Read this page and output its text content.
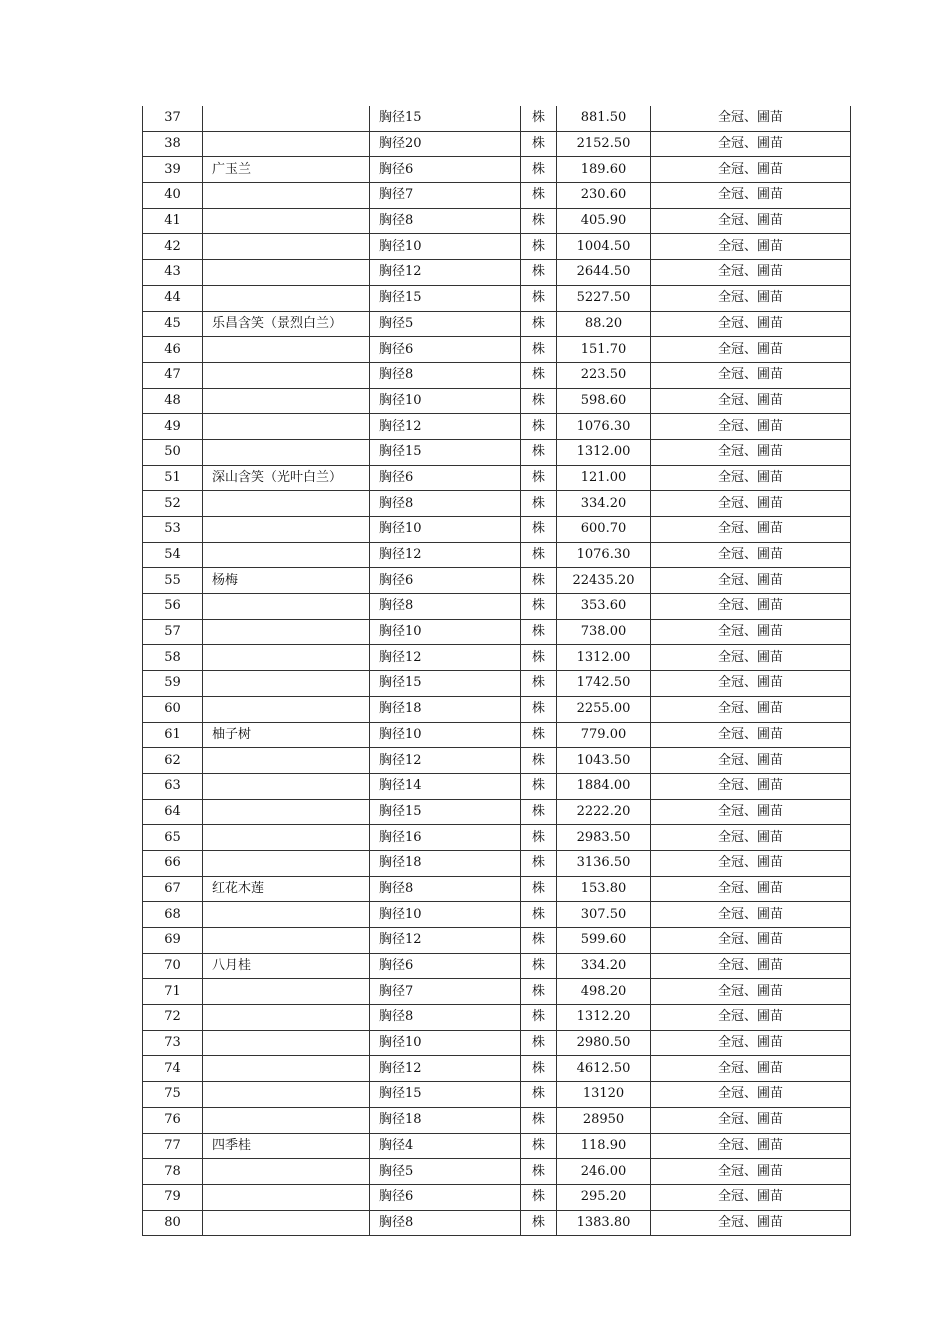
37		胸径15	株	881.50	全冠、圃苗
38		胸径20	株	2152.50	全冠、圃苗
39	广玉兰	胸径6	株	189.60	全冠、圃苗
40		胸径7	株	230.60	全冠、圃苗
41		胸径8	株	405.90	全冠、圃苗
42		胸径10	株	1004.50	全冠、圃苗
43		胸径12	株	2644.50	全冠、圃苗
44		胸径15	株	5227.50	全冠、圃苗
45	乐昌含笑（景烈白兰）	胸径5	株	88.20	全冠、圃苗
46		胸径6	株	151.70	全冠、圃苗
47		胸径8	株	223.50	全冠、圃苗
48		胸径10	株	598.60	全冠、圃苗
49		胸径12	株	1076.30	全冠、圃苗
50		胸径15	株	1312.00	全冠、圃苗
51	深山含笑（光叶白兰）	胸径6	株	121.00	全冠、圃苗
52		胸径8	株	334.20	全冠、圃苗
53		胸径10	株	600.70	全冠、圃苗
54		胸径12	株	1076.30	全冠、圃苗
55	杨梅	胸径6	株	22435.20	全冠、圃苗
56		胸径8	株	353.60	全冠、圃苗
57		胸径10	株	738.00	全冠、圃苗
58		胸径12	株	1312.00	全冠、圃苗
59		胸径15	株	1742.50	全冠、圃苗
60		胸径18	株	2255.00	全冠、圃苗
61	柚子树	胸径10	株	779.00	全冠、圃苗
62		胸径12	株	1043.50	全冠、圃苗
63		胸径14	株	1884.00	全冠、圃苗
64		胸径15	株	2222.20	全冠、圃苗
65		胸径16	株	2983.50	全冠、圃苗
66		胸径18	株	3136.50	全冠、圃苗
67	红花木莲	胸径8	株	153.80	全冠、圃苗
68		胸径10	株	307.50	全冠、圃苗
69		胸径12	株	599.60	全冠、圃苗
70	八月桂	胸径6	株	334.20	全冠、圃苗
71		胸径7	株	498.20	全冠、圃苗
72		胸径8	株	1312.20	全冠、圃苗
73		胸径10	株	2980.50	全冠、圃苗
74		胸径12	株	4612.50	全冠、圃苗
75		胸径15	株	13120	全冠、圃苗
76		胸径18	株	28950	全冠、圃苗
77	四季桂	胸径4	株	118.90	全冠、圃苗
78		胸径5	株	246.00	全冠、圃苗
79		胸径6	株	295.20	全冠、圃苗
80		胸径8	株	1383.80	全冠、圃苗
